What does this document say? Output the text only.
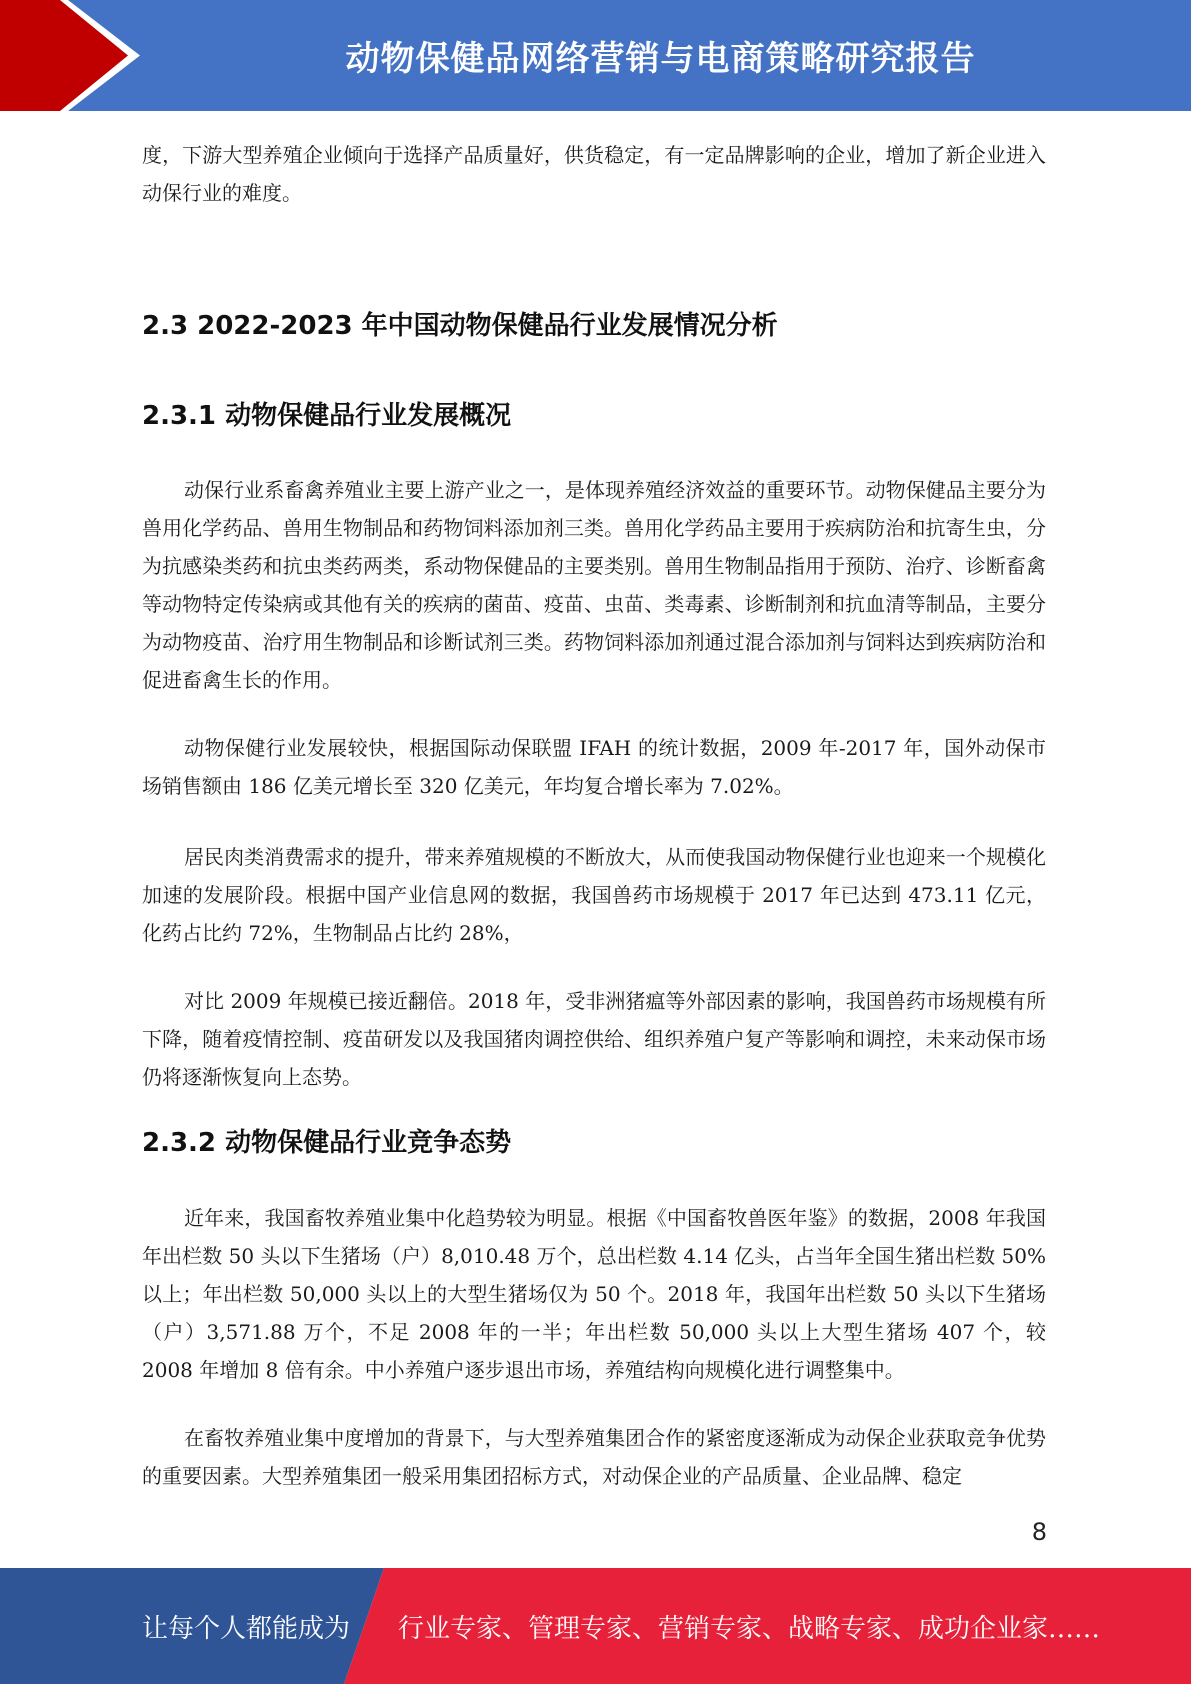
动物保健品网络营销与电商策略研究报告

度，下游大型养殖企业倾向于选择产品质量好，供货稳定，有一定品牌影响的企业，增加了新企业进入动保行业的难度。

2.3 2022-2023 年中国动物保健品行业发展情况分析
2.3.1 动物保健品行业发展概况

动保行业系畜禽养殖业主要上游产业之一，是体现养殖经济效益的重要环节。动物保健品主要分为兽用化学药品、兽用生物制品和药物饲料添加剂三类。兽用化学药品主要用于疾病防治和抗寄生虫，分为抗感染类药和抗虫类药两类，系动物保健品的主要类别。兽用生物制品指用于预防、治疗、诊断畜禽等动物特定传染病或其他有关的疾病的菌苗、疫苗、虫苗、类毒素、诊断制剂和抗血清等制品，主要分为动物疫苗、治疗用生物制品和诊断试剂三类。药物饲料添加剂通过混合添加剂与饲料达到疾病防治和促进畜禽生长的作用。

动物保健行业发展较快，根据国际动保联盟 IFAH 的统计数据，2009 年-2017 年，国外动保市场销售额由 186 亿美元增长至 320 亿美元，年均复合增长率为 7.02%。

居民肉类消费需求的提升，带来养殖规模的不断放大，从而使我国动物保健行业也迎来一个规模化加速的发展阶段。根据中国产业信息网的数据，我国兽药市场规模于 2017 年已达到 473.11 亿元，化药占比约 72%，生物制品占比约 28%，

对比 2009 年规模已接近翻倍。2018 年，受非洲猪瘟等外部因素的影响，我国兽药市场规模有所下降，随着疫情控制、疫苗研发以及我国猪肉调控供给、组织养殖户复产等影响和调控，未来动保市场仍将逐渐恢复向上态势。

2.3.2 动物保健品行业竞争态势

近年来，我国畜牧养殖业集中化趋势较为明显。根据《中国畜牧兽医年鉴》的数据，2008 年我国年出栏数 50 头以下生猪场（户）8,010.48 万个，总出栏数 4.14 亿头，占当年全国生猪出栏数 50%以上；年出栏数 50,000 头以上的大型生猪场仅为 50 个。2018 年，我国年出栏数 50 头以下生猪场（户）3,571.88 万个，不足 2008 年的一半；年出栏数 50,000 头以上大型生猪场 407 个，较 2008 年增加 8 倍有余。中小养殖户逐步退出市场，养殖结构向规模化进行调整集中。

在畜牧养殖业集中度增加的背景下，与大型养殖集团合作的紧密度逐渐成为动保企业获取竞争优势的重要因素。大型养殖集团一般采用集团招标方式，对动保企业的产品质量、企业品牌、稳定

8
让每个人都能成为 行业专家、管理专家、营销专家、战略专家、成功企业家……
